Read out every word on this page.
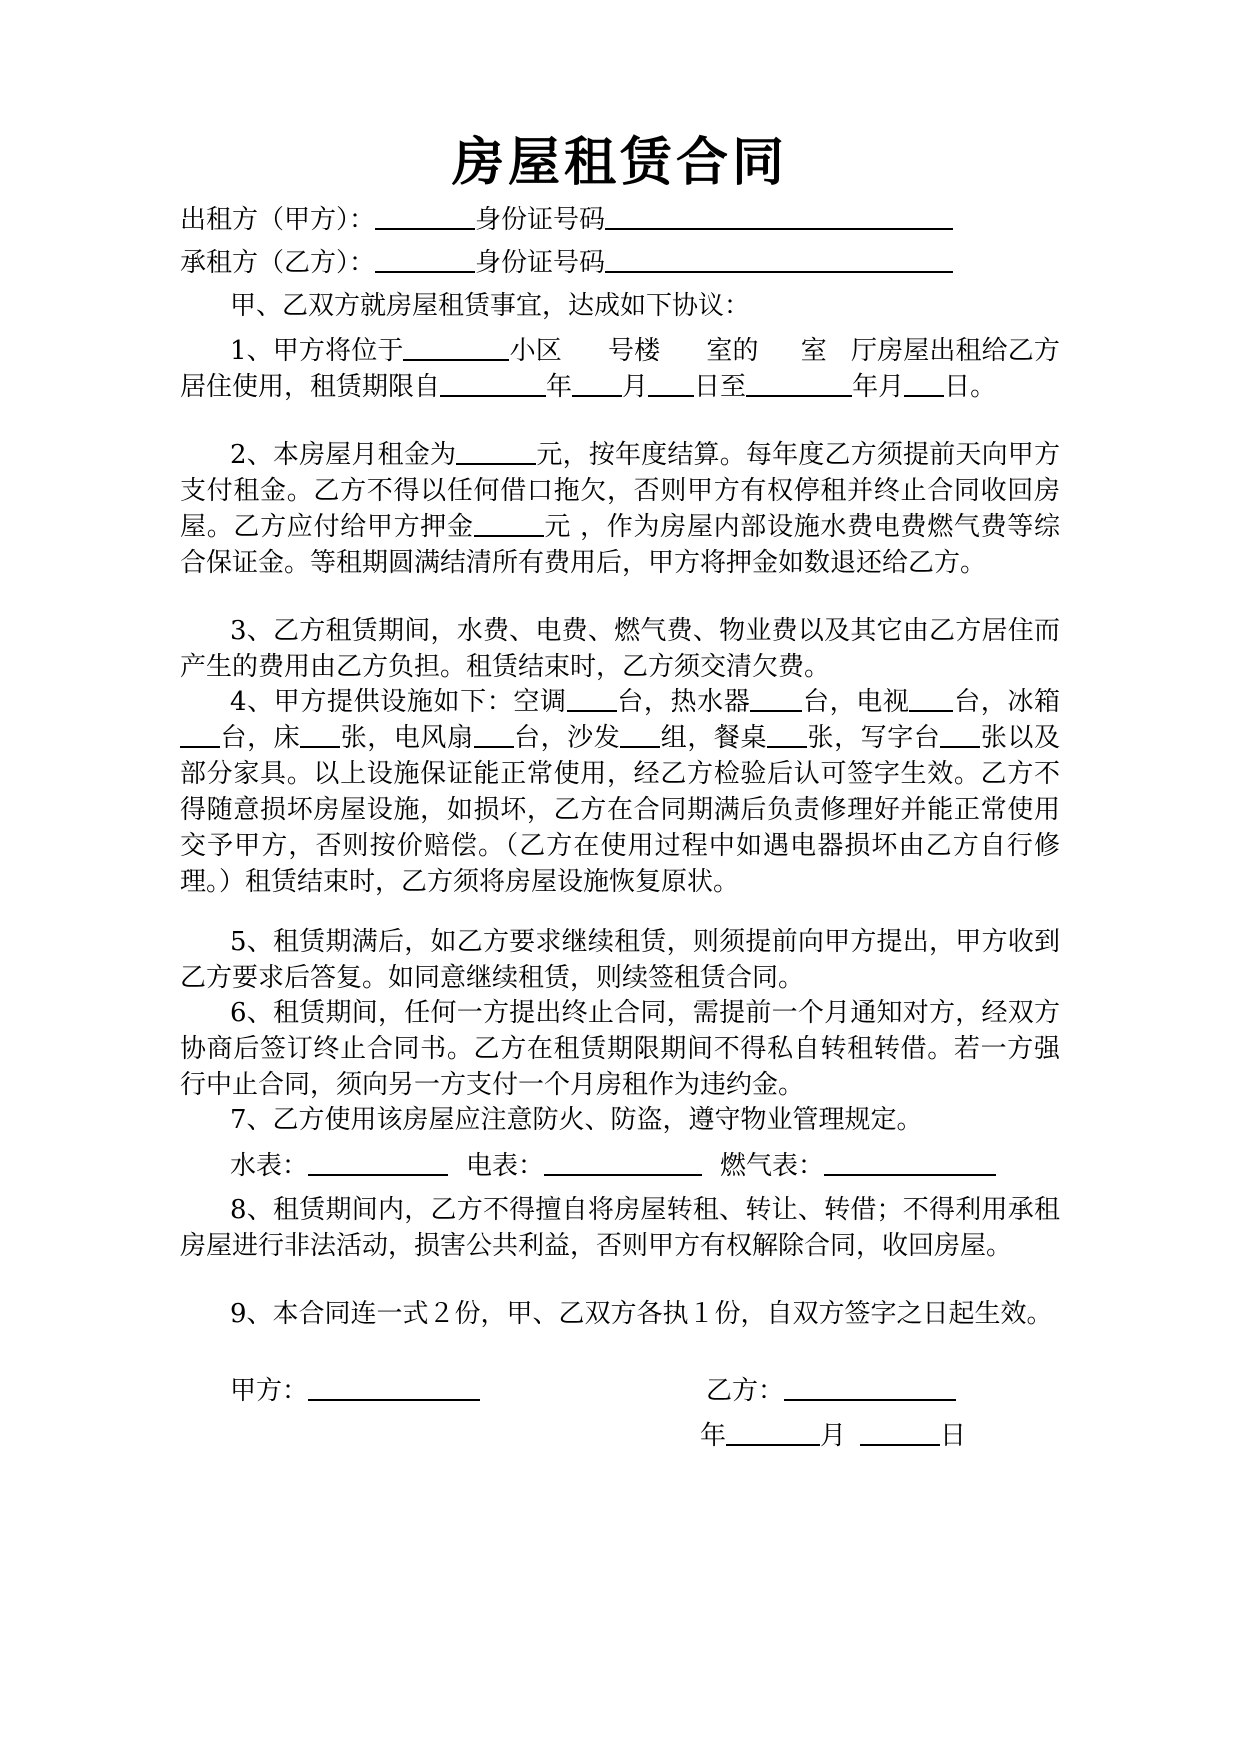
房屋租赁合同
出租方（甲方）：	身份证号码
承租方（乙方）：	身份证号码
甲、乙双方就房屋租赁事宜，达成如下协议：
1、甲方将位于	小区 号楼 室的 室 厅房屋出租给乙方居住使用，租赁期限自	年 月 日至	年月 日。
2、本房屋月租金为	元，按年度结算。每年度乙方须提前天向甲方支付租金。乙方不得以任何借口拖欠，否则甲方有权停租并终止合同收回房屋。乙方应付给甲方押金	元 ，作为房屋内部设施水费电费燃气费等综合保证金。等租期圆满结清所有费用后，甲方将押金如数退还给乙方。
3、乙方租赁期间，水费、电费、燃气费、物业费以及其它由乙方居住而产生的费用由乙方负担。租赁结束时，乙方须交清欠费。
4、甲方提供设施如下：空调 台，热水器 台，电视 台，冰箱台，床 张，电风扇 台，沙发 组，餐桌 张，写字台 张以及部分家具。以上设施保证能正常使用，经乙方检验后认可签字生效。乙方不得随意损坏房屋设施，如损坏，乙方在合同期满后负责修理好并能正常使用交予甲方，否则按价赔偿。（乙方在使用过程中如遇电器损坏由乙方自行修理。）租赁结束时，乙方须将房屋设施恢复原状。
5、租赁期满后，如乙方要求继续租赁，则须提前向甲方提出，甲方收到乙方要求后答复。如同意继续租赁，则续签租赁合同。
6、租赁期间，任何一方提出终止合同，需提前一个月通知对方，经双方协商后签订终止合同书。乙方在租赁期限期间不得私自转租转借。若一方强行中止合同，须向另一方支付一个月房租作为违约金。
7、乙方使用该房屋应注意防火、防盗，遵守物业管理规定。
水表：	电表：	燃气表：
8、租赁期间内，乙方不得擅自将房屋转租、转让、转借；不得利用承租房屋进行非法活动，损害公共利益，否则甲方有权解除合同，收回房屋。
9、本合同连一式２份，甲、乙双方各执１份，自双方签字之日起生效。
甲方：	乙方：
年	月	日
